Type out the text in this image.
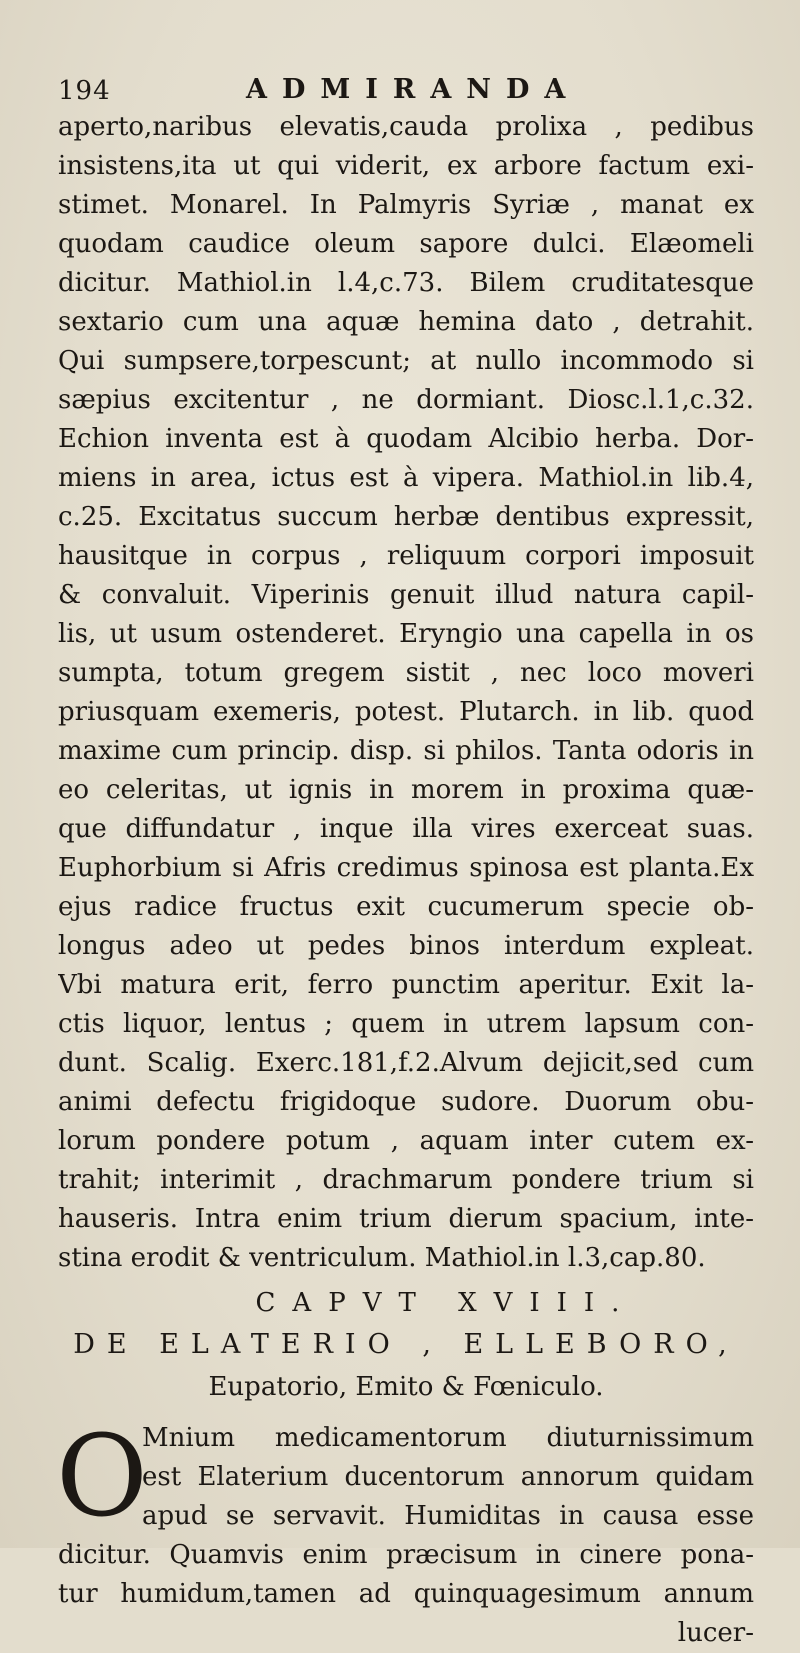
194	ADMIRANDA
aperto,naribus elevatis,cauda prolixa , pedibus
insistens,ita ut qui viderit, ex arbore factum exi-
stimet. Monarel. In Palmyris Syriæ , manat ex
quodam caudice oleum sapore dulci. Elæomeli
dicitur. Mathiol.in l.4,c.73. Bilem cruditatesque
sextario cum una aquæ hemina dato , detrahit.
Qui sumpsere,torpescunt; at nullo incommodo si
sæpius excitentur , ne dormiant. Diosc.l.1,c.32.
Echion inventa est à quodam Alcibio herba. Dor-
miens in area, ictus est à vipera. Mathiol.in lib.4,
c.25. Excitatus succum herbæ dentibus expressit,
hausitque in corpus , reliquum corpori imposuit
& convaluit. Viperinis genuit illud natura capil-
lis, ut usum ostenderet. Eryngio una capella in os
sumpta, totum gregem sistit , nec loco moveri
priusquam exemeris, potest. Plutarch. in lib. quod
maxime cum princip. disp. si philos. Tanta odoris in
eo celeritas, ut ignis in morem in proxima quæ-
que diffundatur , inque illa vires exerceat suas.
Euphorbium si Afris credimus spinosa est planta.Ex
ejus radice fructus exit cucumerum specie ob-
longus adeo ut pedes binos interdum expleat.
Vbi matura erit, ferro punctim aperitur. Exit la-
ctis liquor, lentus ; quem in utrem lapsum con-
dunt. Scalig. Exerc.181,f.2.Alvum dejicit,sed cum
animi defectu frigidoque sudore. Duorum obu-
lorum pondere potum , aquam inter cutem ex-
trahit; interimit , drachmarum pondere trium si
hauseris. Intra enim trium dierum spacium, inte-
stina erodit & ventriculum. Mathiol.in l.3,cap.80.
CAPVT XVIII.
DE ELATERIO , ELLEBORO,
Eupatorio, Emito & Fœniculo.
O
Mnium medicamentorum diuturnissimum
est Elaterium ducentorum annorum quidam
apud se servavit. Humiditas in causa esse
dicitur. Quamvis enim præcisum in cinere pona-
tur humidum,tamen ad quinquagesimum annum
lucer-
